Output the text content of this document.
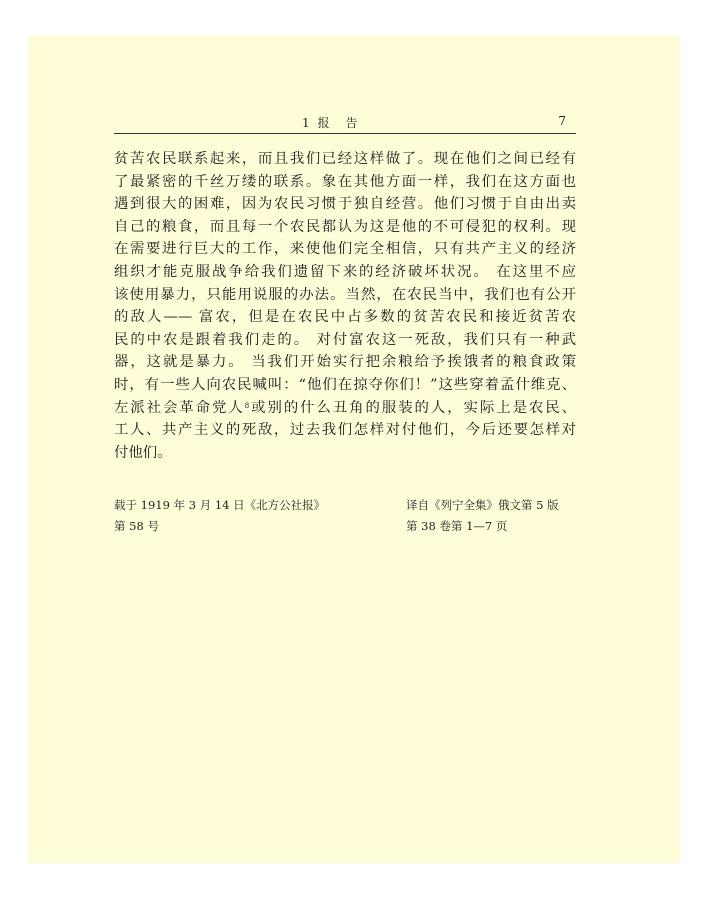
1 报　告	7
贫苦农民联系起来，而且我们已经这样做了。现在他们之间已经有
了最紧密的千丝万缕的联系。象在其他方面一样，我们在这方面也
遇到很大的困难，因为农民习惯于独自经营。他们习惯于自由出卖
自己的粮食，而且每一个农民都认为这是他的不可侵犯的权利。现
在需要进行巨大的工作，来使他们完全相信，只有共产主义的经济
组织才能克服战争给我们遗留下来的经济破坏状况。 在这里不应
该使用暴力，只能用说服的办法。当然，在农民当中，我们也有公开
的敌人—— 富农，但是在农民中占多数的贫苦农民和接近贫苦农
民的中农是跟着我们走的。 对付富农这一死敌，我们只有一种武
器，这就是暴力。 当我们开始实行把余粮给予挨饿者的粮食政策
时，有一些人向农民喊叫：“他们在掠夺你们！”这些穿着孟什维克、
左派社会革命党人$^8$或别的什么丑角的服装的人，实际上是农民、
工人、共产主义的死敌，过去我们怎样对付他们，今后还要怎样对
付他们。
载于 1919 年 3 月 14 日《北方公社报》
第 58 号
译自《列宁全集》俄文第 5 版
第 38 卷第 1—7 页
